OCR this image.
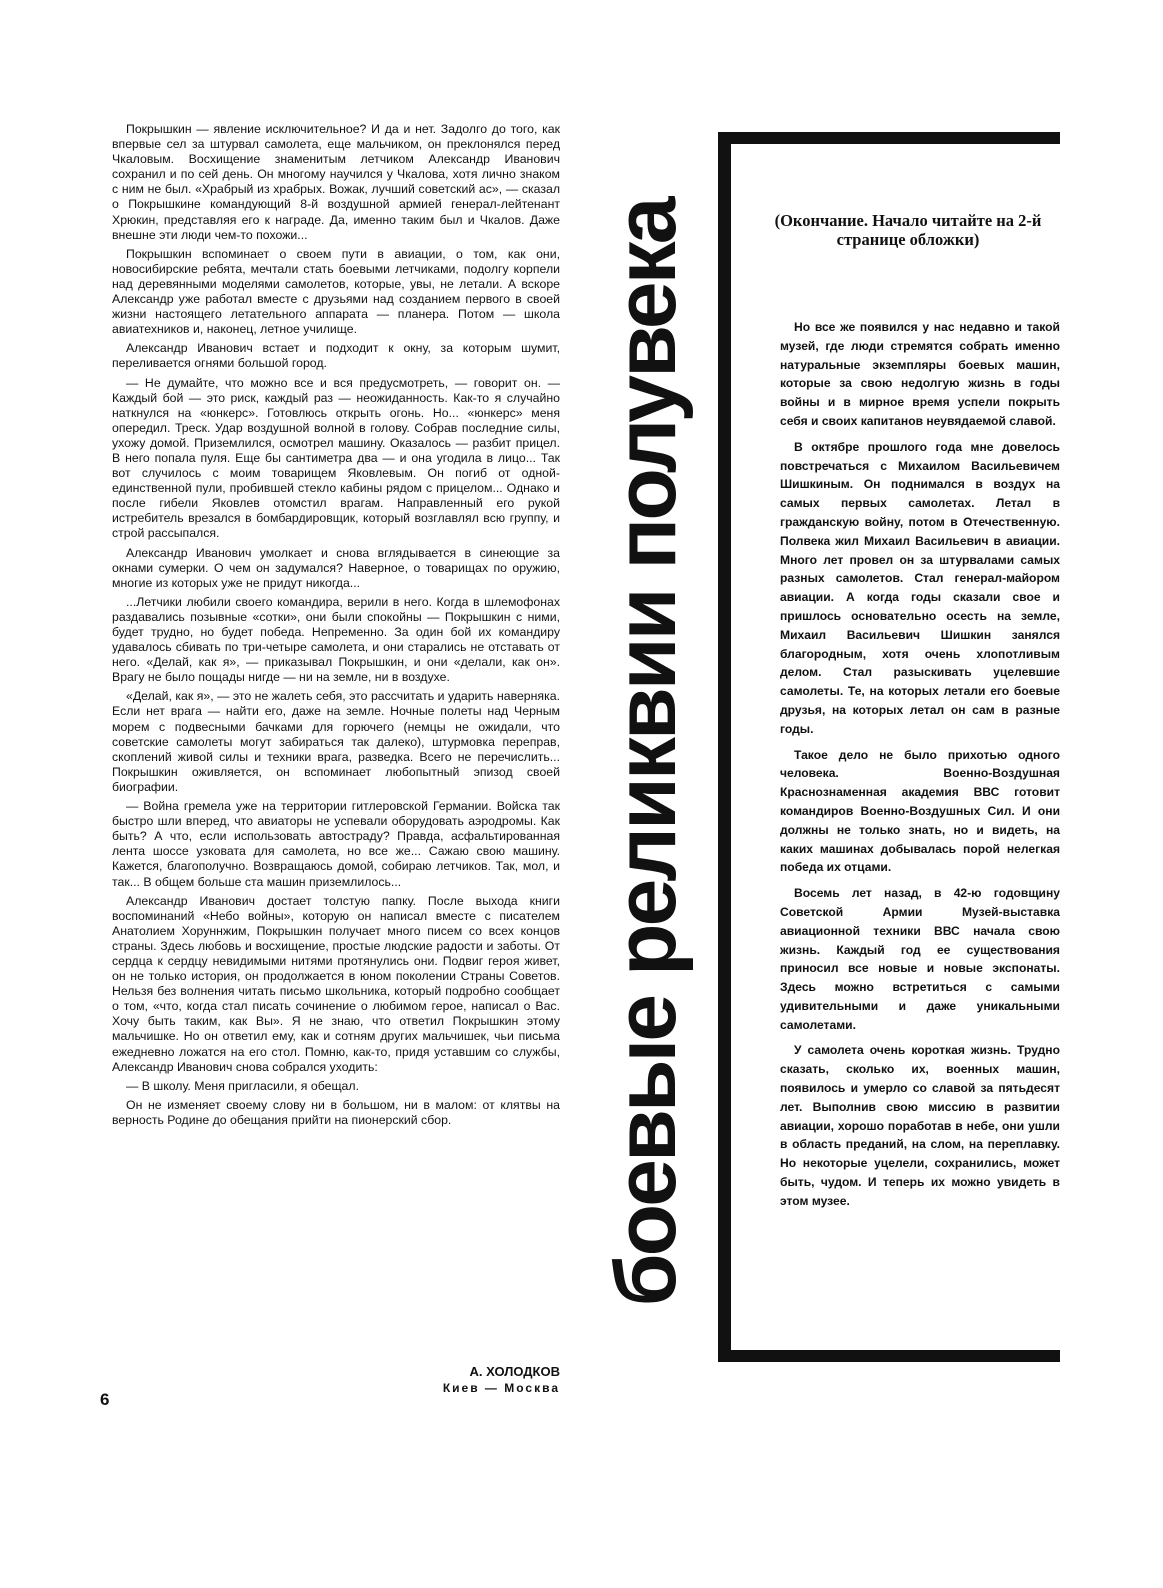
Покрышкин — явление исключительное? И да и нет. Задолго до того, как впервые сел за штурвал самолета, еще мальчиком, он преклонялся перед Чкаловым. Восхищение знаменитым летчиком Александр Иванович сохранил и по сей день. Он многому научился у Чкалова, хотя лично знаком с ним не был. «Храбрый из храбрых. Вожак, лучший советский ас», — сказал о Покрышкине командующий 8-й воздушной армией генерал-лейтенант Хрюкин, представляя его к награде. Да, именно таким был и Чкалов. Даже внешне эти люди чем-то похожи...

Покрышкин вспоминает о своем пути в авиации, о том, как они, новосибирские ребята, мечтали стать боевыми летчиками, подолгу корпели над деревянными моделями самолетов, которые, увы, не летали. А вскоре Александр уже работал вместе с друзьями над созданием первого в своей жизни настоящего летательного аппарата — планера. Потом — школа авиатехников и, наконец, летное училище.

Александр Иванович встает и подходит к окну, за которым шумит, переливается огнями большой город.

— Не думайте, что можно все и вся предусмотреть, — говорит он. — Каждый бой — это риск, каждый раз — неожиданность. Как-то я случайно наткнулся на «юнкерс». Готовлюсь открыть огонь. Но... «юнкерс» меня опередил. Треск. Удар воздушной волной в голову. Собрав последние силы, ухожу домой. Приземлился, осмотрел машину. Оказалось — разбит прицел. В него попала пуля. Еще бы сантиметра два — и она угодила в лицо... Так вот случилось с моим товарищем Яковлевым. Он погиб от одной-единственной пули, пробившей стекло кабины рядом с прицелом... Однако и после гибели Яковлев отомстил врагам. Направленный его рукой истребитель врезался в бомбардировщик, который возглавлял всю группу, и строй рассыпался.

Александр Иванович умолкает и снова вглядывается в синеющие за окнами сумерки. О чем он задумался? Наверное, о товарищах по оружию, многие из которых уже не придут никогда...

...Летчики любили своего командира, верили в него. Когда в шлемофонах раздавались позывные «сотки», они были спокойны — Покрышкин с ними, будет трудно, но будет победа. Непременно. За один бой их командиру удавалось сбивать по три-четыре самолета, и они старались не отставать от него. «Делай, как я», — приказывал Покрышкин, и они «делали, как он». Врагу не было пощады нигде — ни на земле, ни в воздухе.

«Делай, как я», — это не жалеть себя, это рассчитать и ударить наверняка. Если нет врага — найти его, даже на земле. Ночные полеты над Черным морем с подвесными бачками для горючего (немцы не ожидали, что советские самолеты могут забираться так далеко), штурмовка переправ, скоплений живой силы и техники врага, разведка. Всего не перечислить... Покрышкин оживляется, он вспоминает любопытный эпизод своей биографии.

— Война гремела уже на территории гитлеровской Германии. Войска так быстро шли вперед, что авиаторы не успевали оборудовать аэродромы. Как быть? А что, если использовать автостраду? Правда, асфальтированная лента шоссе узковата для самолета, но все же... Сажаю свою машину. Кажется, благополучно. Возвращаюсь домой, собираю летчиков. Так, мол, и так... В общем больше ста машин приземлилось...

Александр Иванович достает толстую папку. После выхода книги воспоминаний «Небо войны», которую он написал вместе с писателем Анатолием Хоруннжим, Покрышкин получает много писем со всех концов страны. Здесь любовь и восхищение, простые людские радости и заботы. От сердца к сердцу невидимыми нитями протянулись они. Подвиг героя живет, он не только история, он продолжается в юном поколении Страны Советов. Нельзя без волнения читать письмо школьника, который подробно сообщает о том, «что, когда стал писать сочинение о любимом герое, написал о Вас. Хочу быть таким, как Вы». Я не знаю, что ответил Покрышкин этому мальчишке. Но он ответил ему, как и сотням других мальчишек, чьи письма ежедневно ложатся на его стол. Помню, как-то, придя уставшим со службы, Александр Иванович снова собрался уходить:

— В школу. Меня пригласили, я обещал.

Он не изменяет своему слову ни в большом, ни в малом: от клятвы на верность Родине до обещания прийти на пионерский сбор.

А. ХОЛОДКОВ
Киев — Москва
боевые реликвии полувека	(Окончание. Начало читайте на 2-й странице обложки)

Но все же появился у нас недавно и такой музей, где люди стремятся собрать именно натуральные экземпляры боевых машин, которые за свою недолгую жизнь в годы войны и в мирное время успели покрыть себя и своих капитанов неувядаемой славой.

В октябре прошлого года мне довелось повстречаться с Михаилом Васильевичем Шишкиным. Он поднимался в воздух на самых первых самолетах. Летал в гражданскую войну, потом в Отечественную. Полвека жил Михаил Васильевич в авиации. Много лет провел он за штурвалами самых разных самолетов. Стал генерал-майором авиации. А когда годы сказали свое и пришлось основательно осесть на земле, Михаил Васильевич Шишкин занялся благородным, хотя очень хлопотливым делом. Стал разыскивать уцелевшие самолеты. Те, на которых летали его боевые друзья, на которых летал он сам в разные годы.

Такое дело не было прихотью одного человека. Военно-Воздушная Краснознаменная академия ВВС готовит командиров Военно-Воздушных Сил. И они должны не только знать, но и видеть, на каких машинах добывалась порой нелегкая победа их отцами.

Восемь лет назад, в 42-ю годовщину Советской Армии Музей-выставка авиационной техники ВВС начала свою жизнь. Каждый год ее существования приносил все новые и новые экспонаты. Здесь можно встретиться с самыми удивительными и даже уникальными самолетами.

У самолета очень короткая жизнь. Трудно сказать, сколько их, военных машин, появилось и умерло со славой за пятьдесят лет. Выполнив свою миссию в развитии авиации, хорошо поработав в небе, они ушли в область преданий, на слом, на переплавку. Но некоторые уцелели, сохранились, может быть, чудом. И теперь их можно увидеть в этом музее.

6
